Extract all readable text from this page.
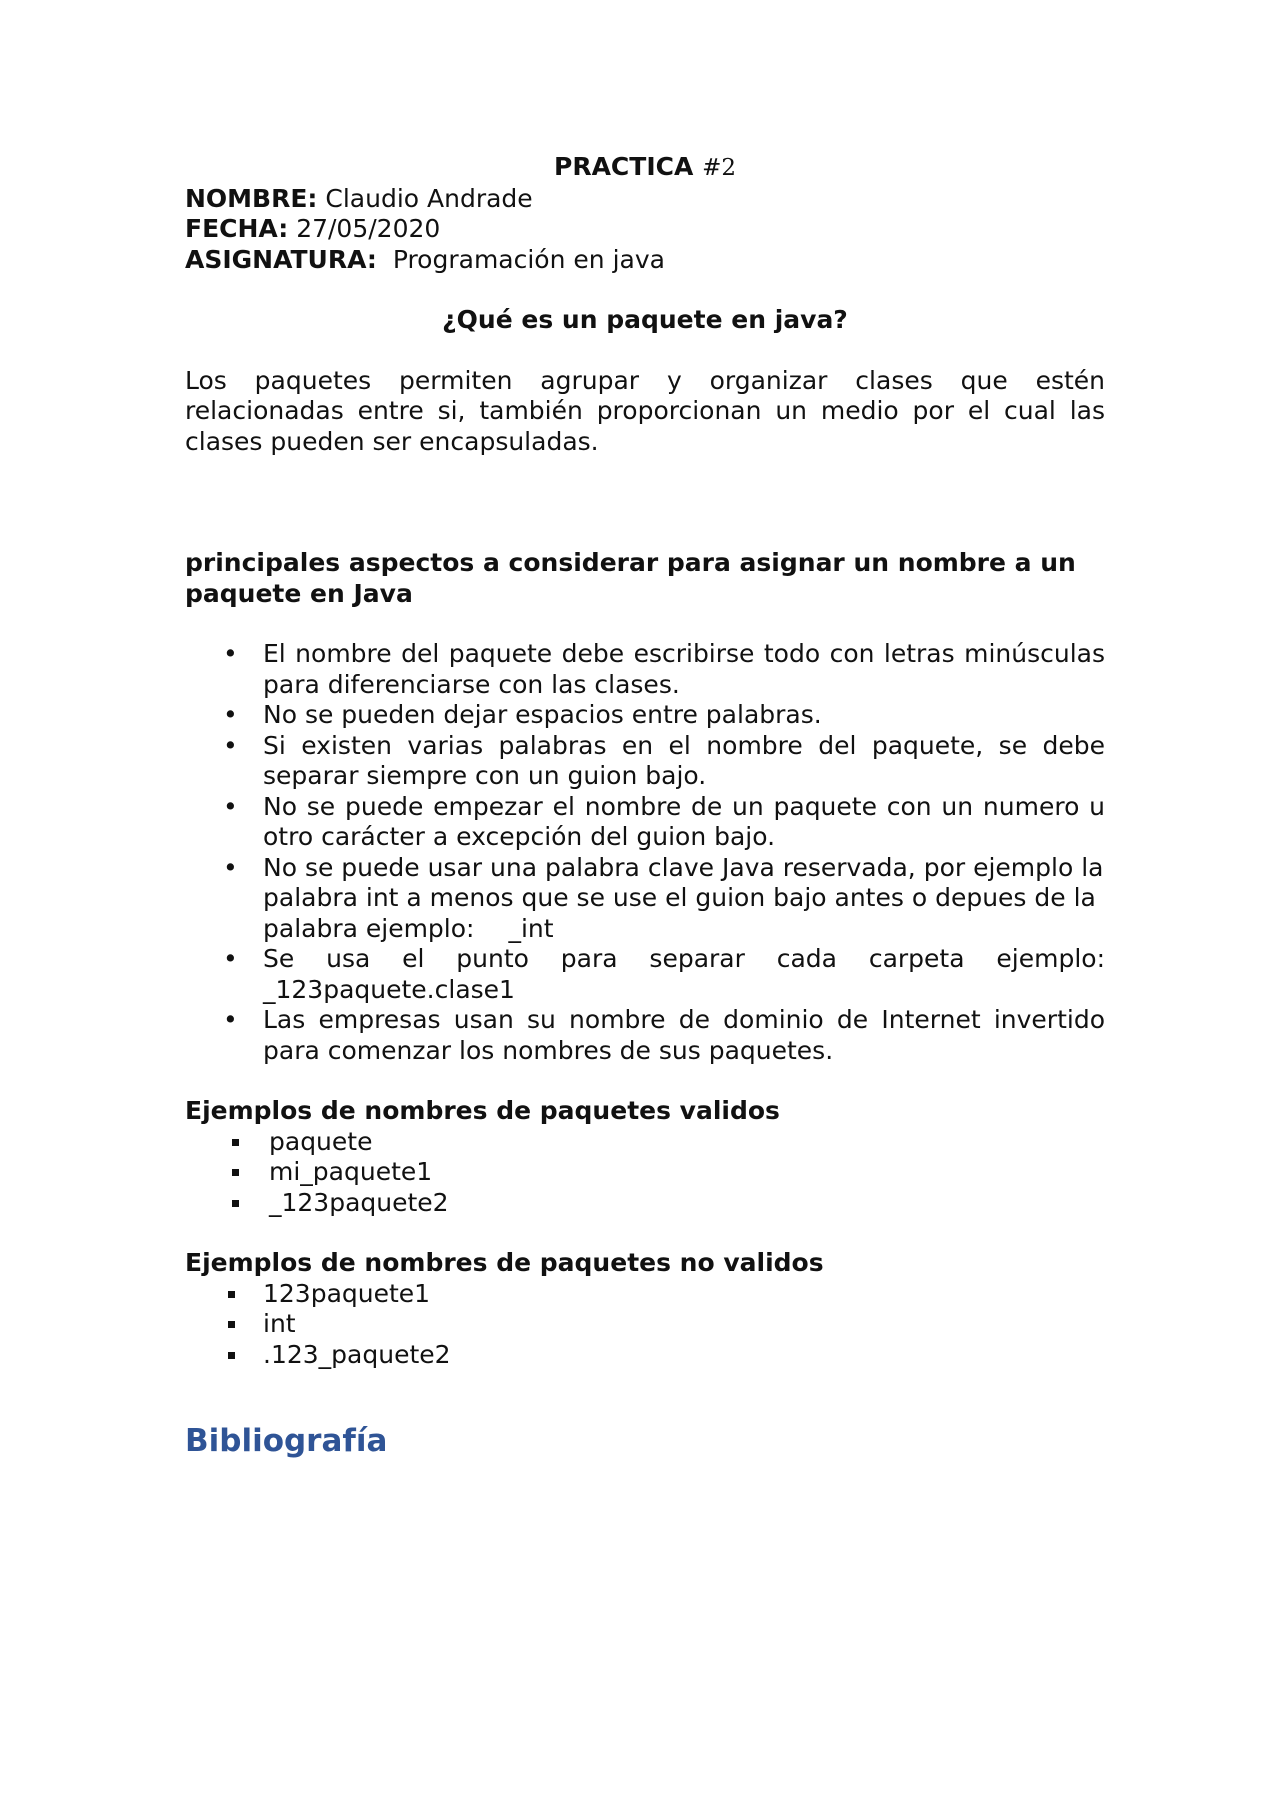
PRACTICA #2

NOMBRE: Claudio Andrade

FECHA: 27/05/2020

ASIGNATURA:  Programación en java

¿Qué es un paquete en java?

Los paquetes permiten agrupar y organizar clases que estén relacionadas entre si, también proporcionan un medio por el cual las clases pueden ser encapsuladas.

principales aspectos a considerar para asignar un nombre a un paquete en Java

• El nombre del paquete debe escribirse todo con letras minúsculas para diferenciarse con las clases.
• No se pueden dejar espacios entre palabras.
• Si existen varias palabras en el nombre del paquete, se debe separar siempre con un guion bajo.
• No se puede empezar el nombre de un paquete con un numero u otro carácter a excepción del guion bajo.
• No se puede usar una palabra clave Java reservada, por ejemplo la palabra int a menos que se use el guion bajo antes o depues de la palabra ejemplo: _int
• Se usa el punto para separar cada carpeta ejemplo: _123paquete.clase1
• Las empresas usan su nombre de dominio de Internet invertido para comenzar los nombres de sus paquetes.

Ejemplos de nombres de paquetes validos

paquete
mi_paquete1
_123paquete2

Ejemplos de nombres de paquetes no validos

123paquete1
int
.123_paquete2

Bibliografía
